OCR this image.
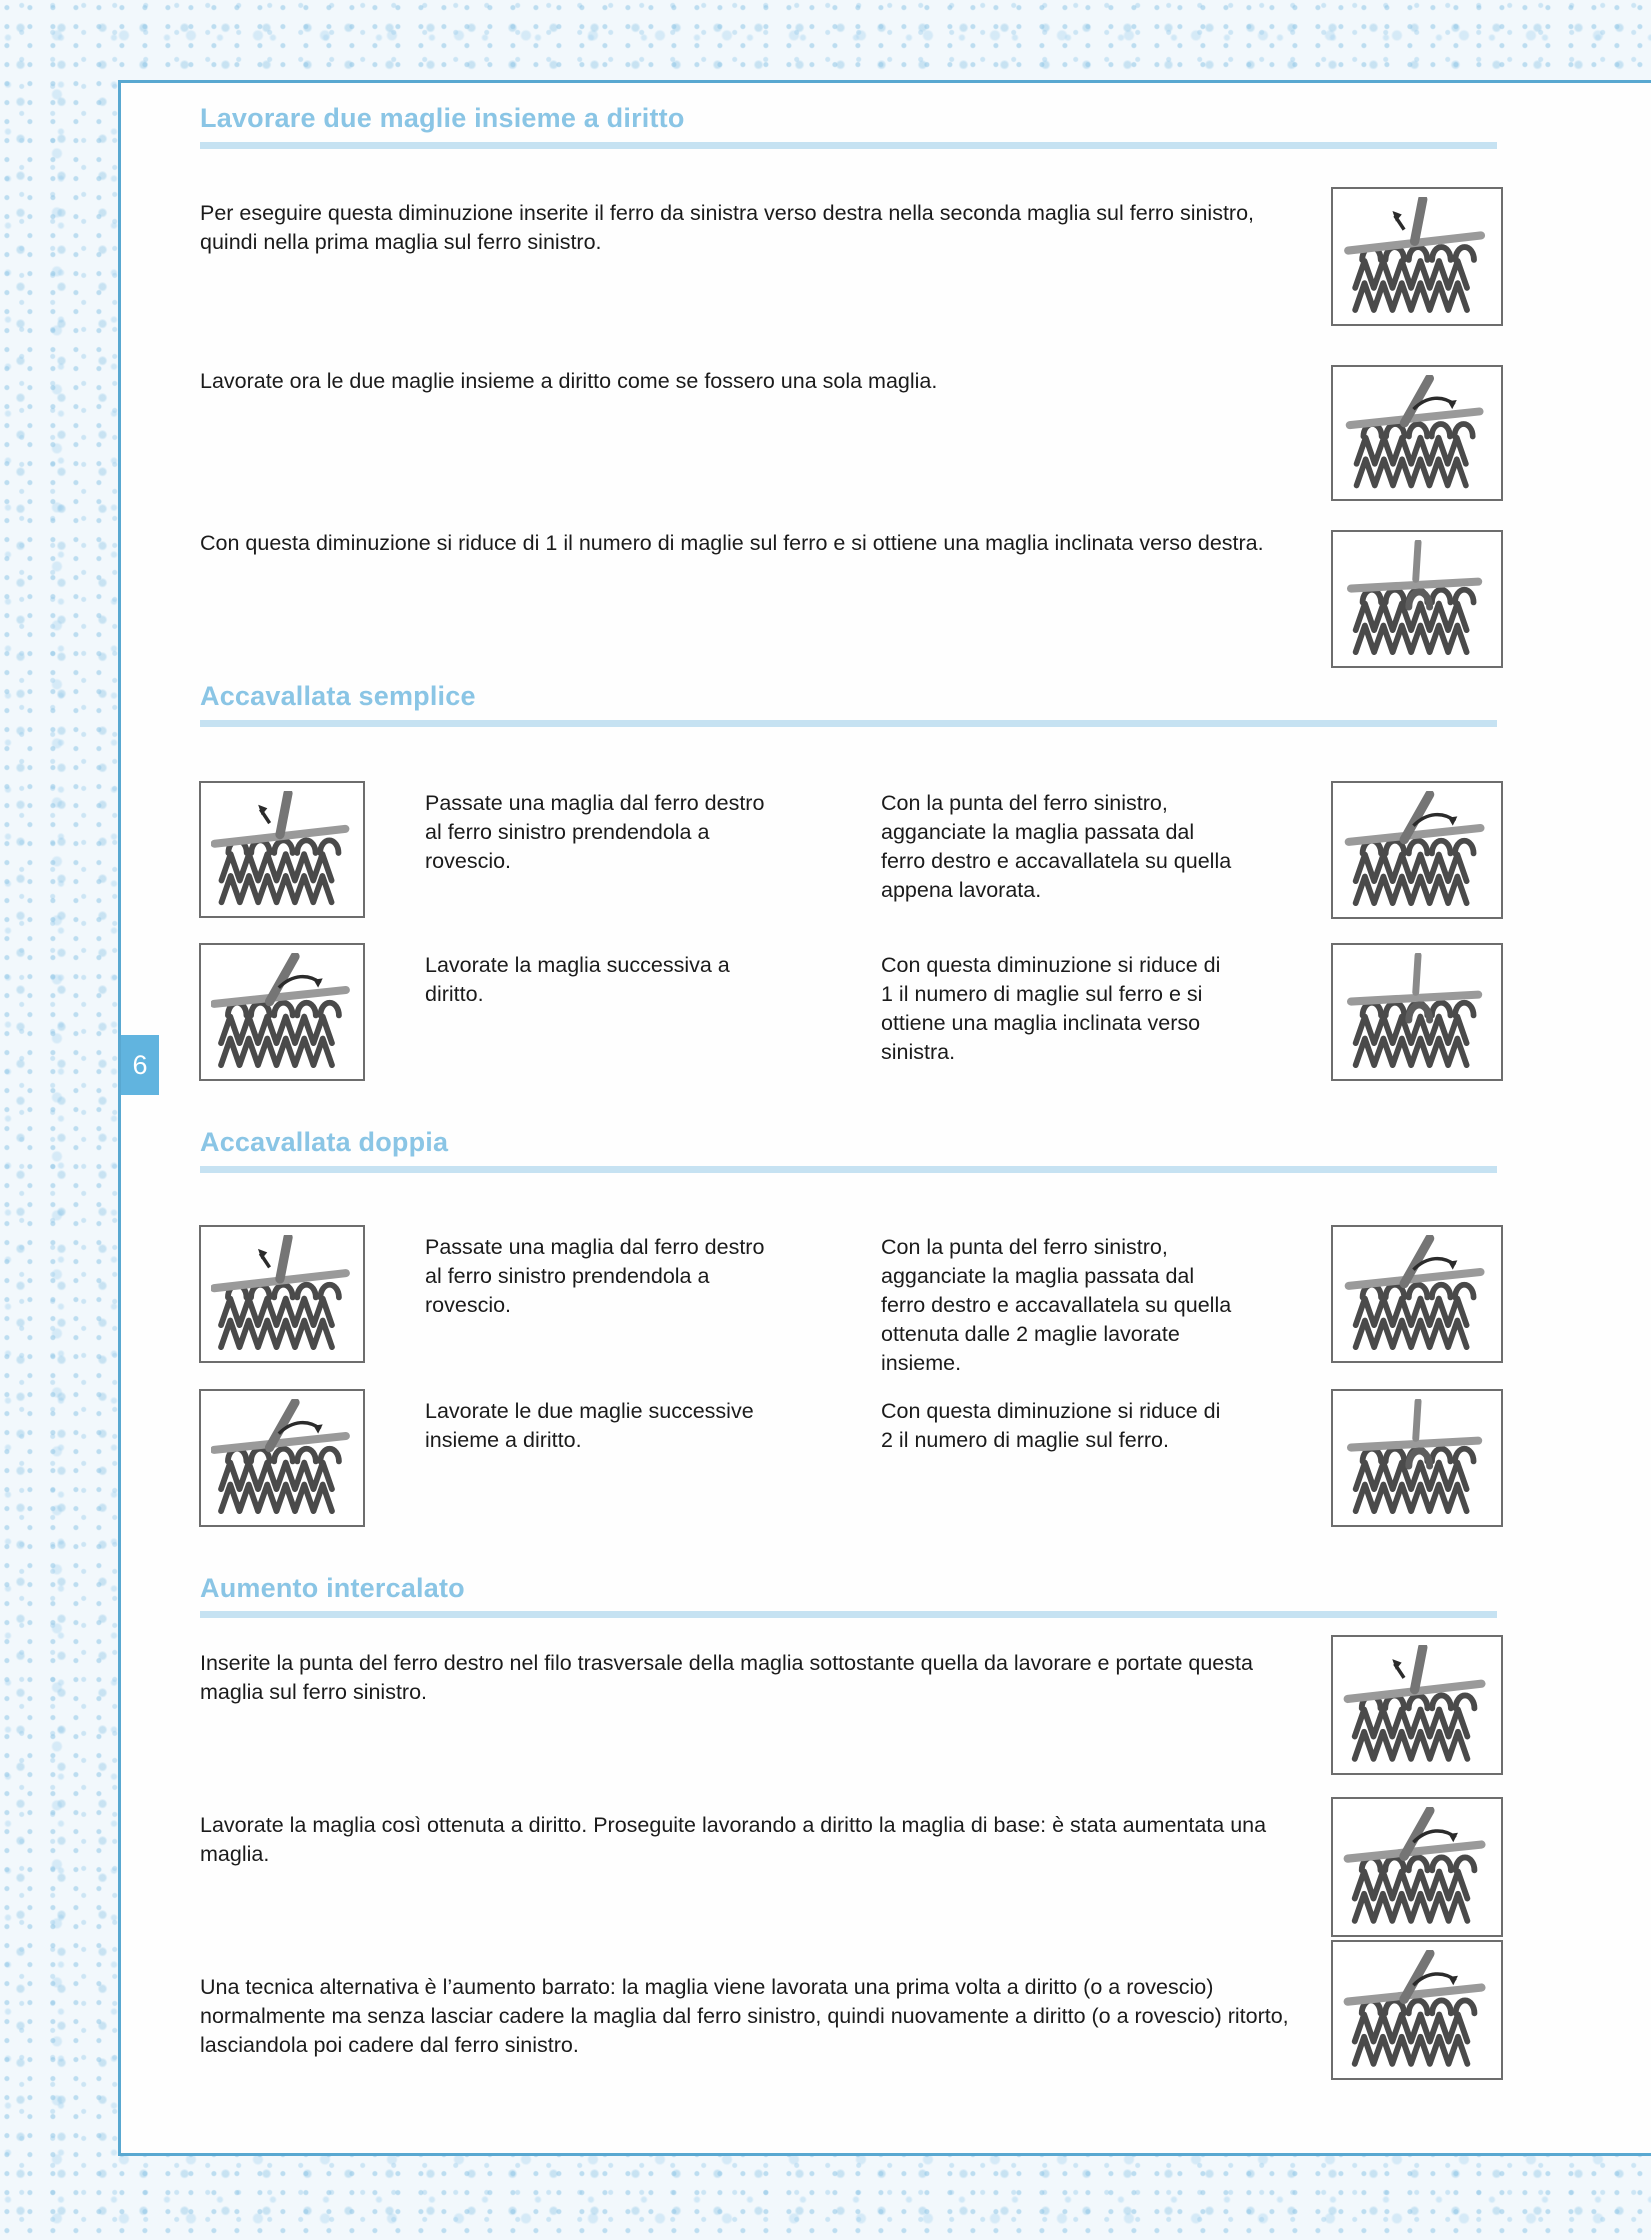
Lavorare due maglie insieme a diritto
Per eseguire questa diminuzione inserite il ferro da sinistra verso destra nella seconda maglia sul ferro sinistro, quindi nella prima maglia sul ferro sinistro.
Lavorate ora le due maglie insieme a diritto come se fossero una sola maglia.
Con questa diminuzione si riduce di 1 il numero di maglie sul ferro e si ottiene una maglia inclinata verso destra.
Accavallata semplice
Passate una maglia dal ferro destro al ferro sinistro prendendola a rovescio.
Con la punta del ferro sinistro, agganciate la maglia passata dal ferro destro e accavallatela su quella appena lavorata.
Lavorate la maglia successiva a diritto.
Con questa diminuzione si riduce di 1 il numero di maglie sul ferro e si ottiene una maglia inclinata verso sinistra.
Accavallata doppia
Passate una maglia dal ferro destro al ferro sinistro prendendola a rovescio.
Con la punta del ferro sinistro, agganciate la maglia passata dal ferro destro e accavallatela su quella ottenuta dalle 2 maglie lavorate insieme.
Lavorate le due maglie successive insieme a diritto.
Con questa diminuzione si riduce di 2 il numero di maglie sul ferro.
Aumento intercalato
Inserite la punta del ferro destro nel filo trasversale della maglia sottostante quella da lavorare e portate questa maglia sul ferro sinistro.
Lavorate la maglia così ottenuta a diritto. Proseguite lavorando a diritto la maglia di base: è stata aumentata una maglia.
Una tecnica alternativa è l’aumento barrato: la maglia viene lavorata una prima volta a diritto (o a rovescio) normalmente ma senza lasciar cadere la maglia dal ferro sinistro, quindi nuovamente a diritto (o a rovescio) ritorto, lasciandola poi cadere dal ferro sinistro.
6
